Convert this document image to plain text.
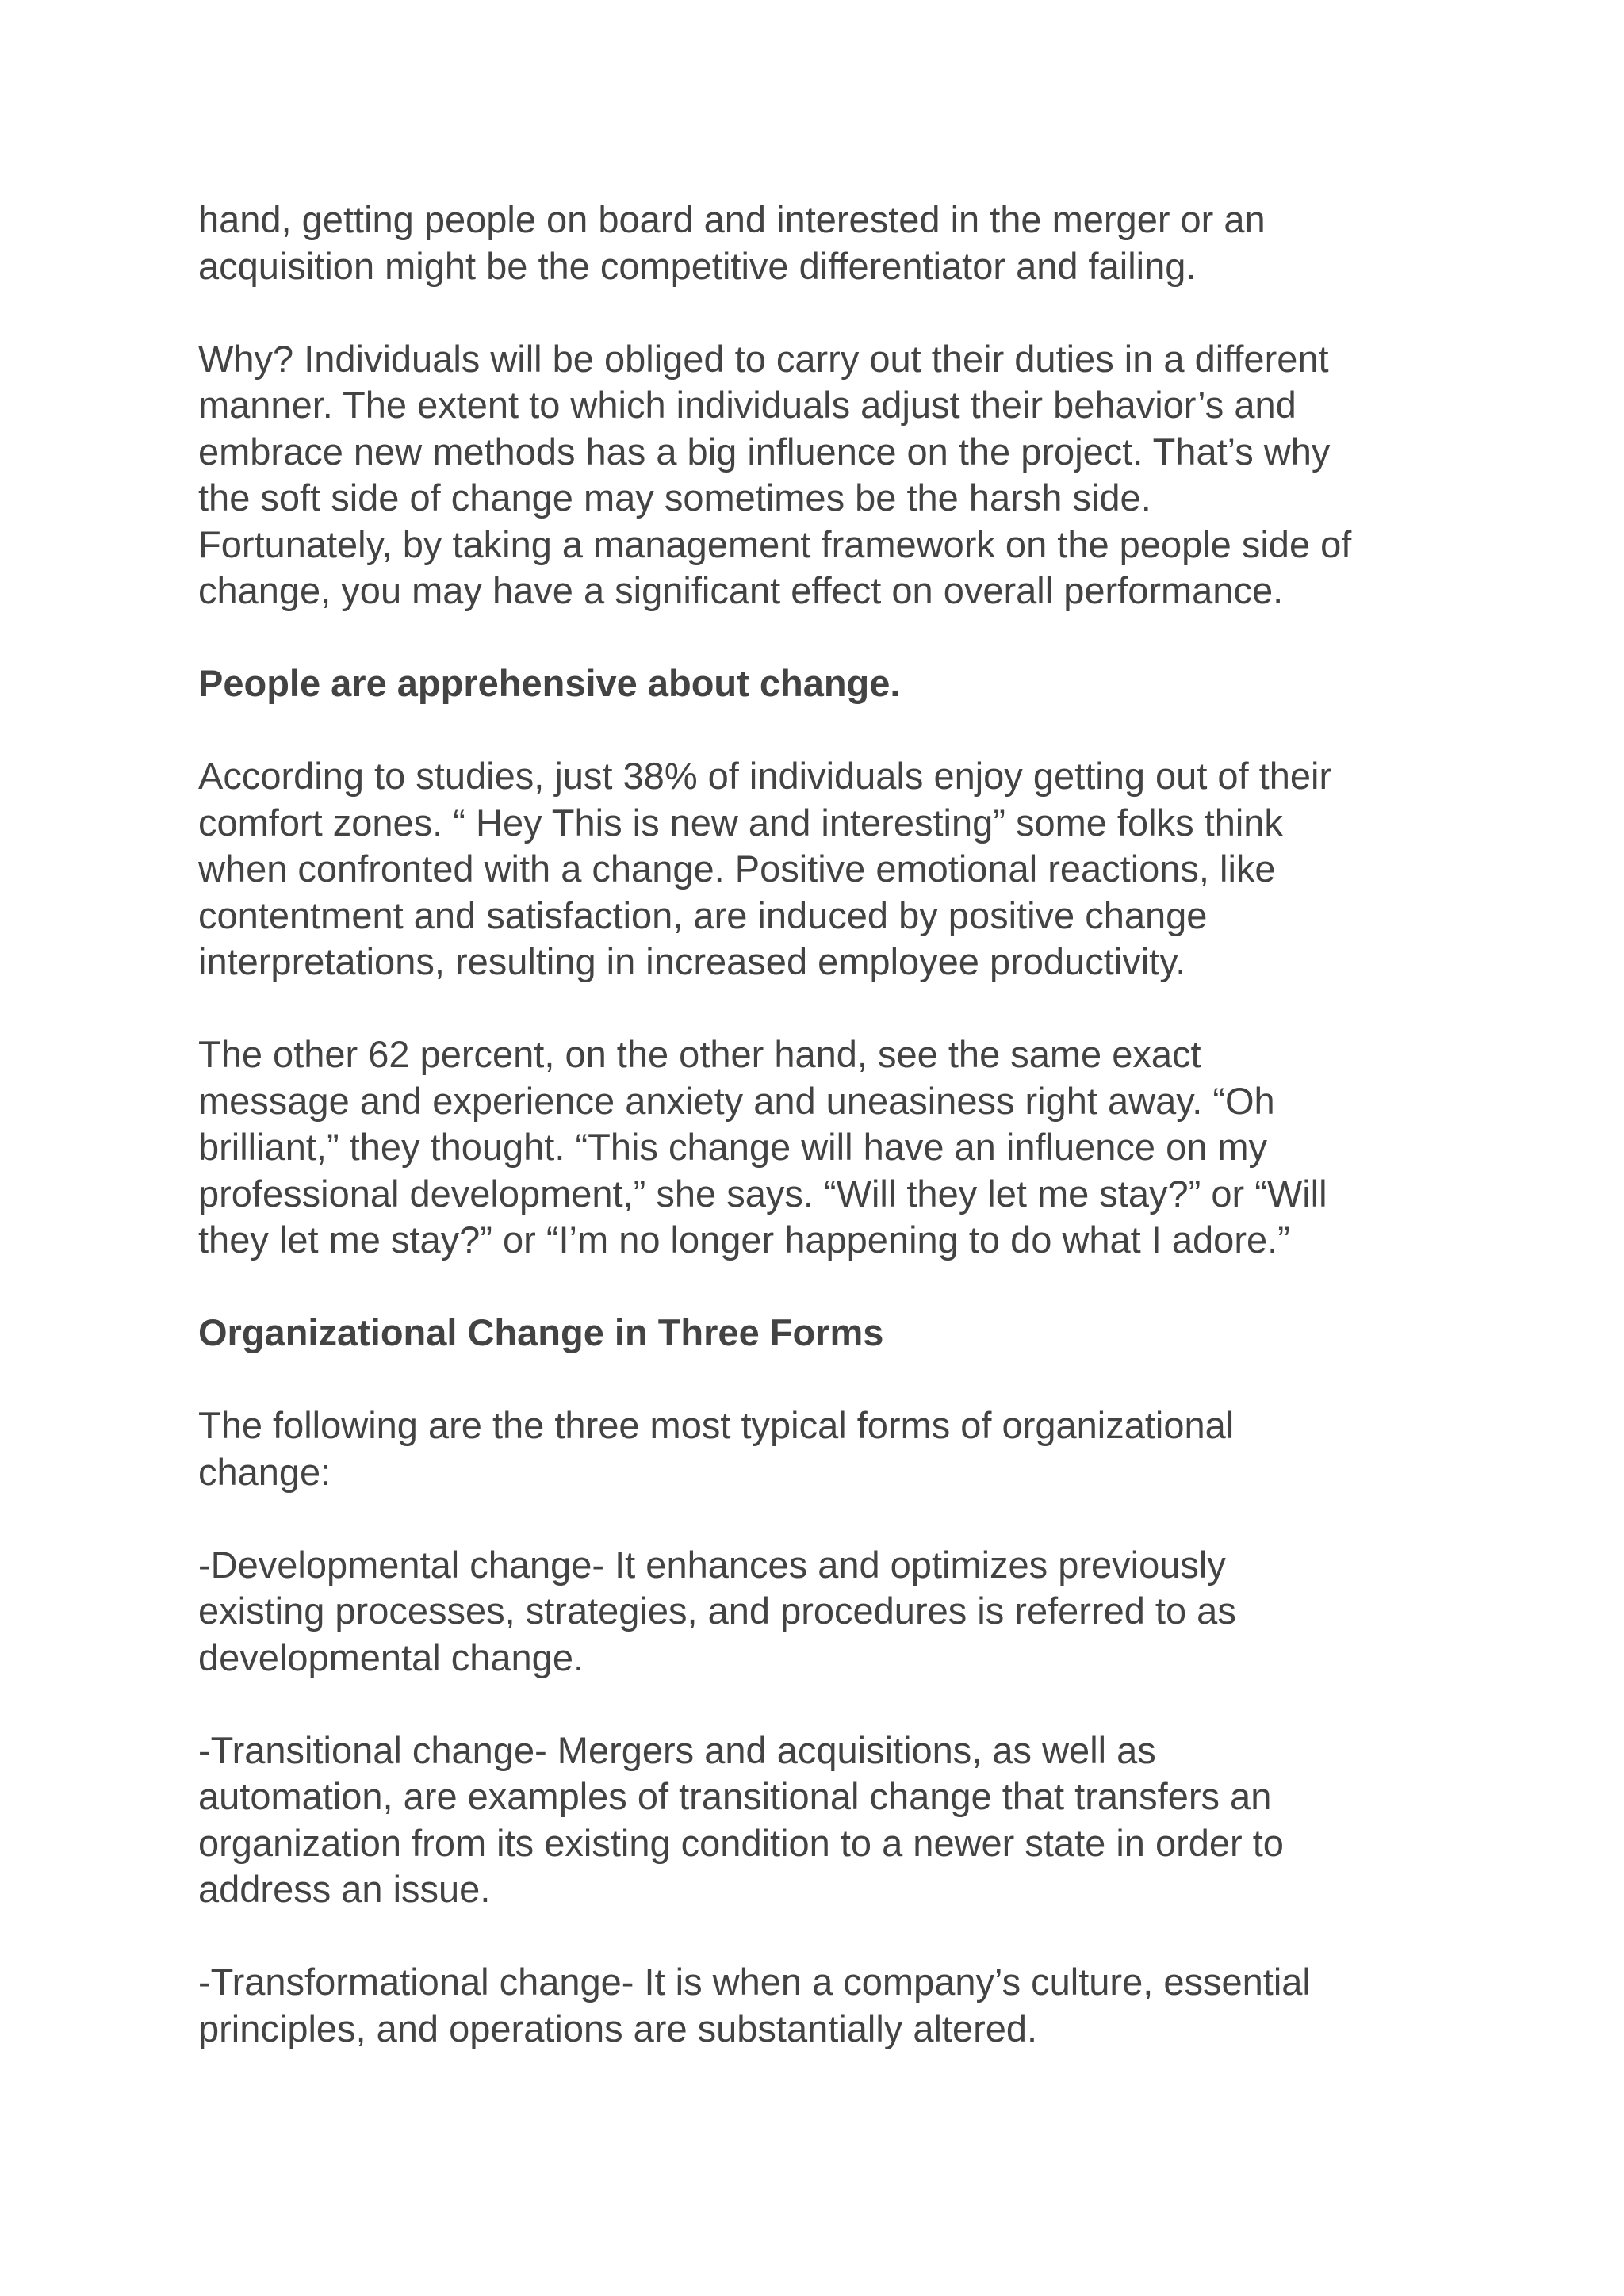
hand, getting people on board and interested in the merger or an
acquisition might be the competitive differentiator and failing.

Why? Individuals will be obliged to carry out their duties in a different
manner. The extent to which individuals adjust their behavior’s and
embrace new methods has a big influence on the project. That’s why
the soft side of change may sometimes be the harsh side.
Fortunately, by taking a management framework on the people side of
change, you may have a significant effect on overall performance.

People are apprehensive about change.

According to studies, just 38% of individuals enjoy getting out of their
comfort zones. “ Hey This is new and interesting” some folks think
when confronted with a change. Positive emotional reactions, like
contentment and satisfaction, are induced by positive change
interpretations, resulting in increased employee productivity.

The other 62 percent, on the other hand, see the same exact
message and experience anxiety and uneasiness right away. “Oh
brilliant,” they thought. “This change will have an influence on my
professional development,” she says. “Will they let me stay?” or “Will
they let me stay?” or “I’m no longer happening to do what I adore.”

Organizational Change in Three Forms

The following are the three most typical forms of organizational
change:

-Developmental change- It enhances and optimizes previously
existing processes, strategies, and procedures is referred to as
developmental change.

-Transitional change- Mergers and acquisitions, as well as
automation, are examples of transitional change that transfers an
organization from its existing condition to a newer state in order to
address an issue.

-Transformational change- It is when a company’s culture, essential
principles, and operations are substantially altered.
